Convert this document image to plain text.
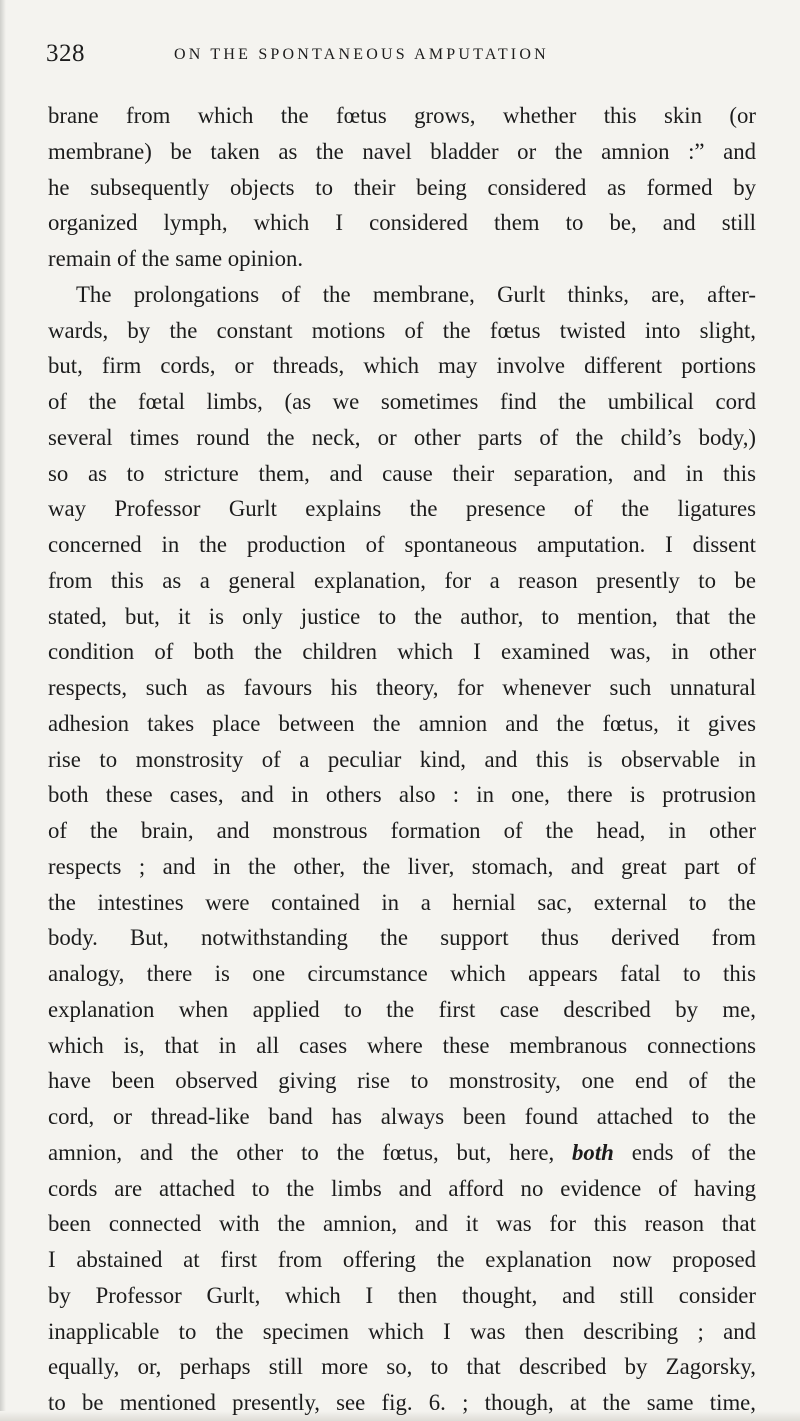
328	ON THE SPONTANEOUS AMPUTATION
brane from which the fœtus grows, whether this skin (or
membrane) be taken as the navel bladder or the amnion :” and
he subsequently objects to their being considered as formed by
organized lymph, which I considered them to be, and still
remain of the same opinion.
The prolongations of the membrane, Gurlt thinks, are, after-
wards, by the constant motions of the fœtus twisted into slight,
but, firm cords, or threads, which may involve different portions
of the fœtal limbs, (as we sometimes find the umbilical cord
several times round the neck, or other parts of the child’s body,)
so as to stricture them, and cause their separation, and in this
way Professor Gurlt explains the presence of the ligatures
concerned in the production of spontaneous amputation. I dissent
from this as a general explanation, for a reason presently to be
stated, but, it is only justice to the author, to mention, that the
condition of both the children which I examined was, in other
respects, such as favours his theory, for whenever such unnatural
adhesion takes place between the amnion and the fœtus, it gives
rise to monstrosity of a peculiar kind, and this is observable in
both these cases, and in others also : in one, there is protrusion
of the brain, and monstrous formation of the head, in other
respects ; and in the other, the liver, stomach, and great part of
the intestines were contained in a hernial sac, external to the
body. But, notwithstanding the support thus derived from
analogy, there is one circumstance which appears fatal to this
explanation when applied to the first case described by me,
which is, that in all cases where these membranous connections
have been observed giving rise to monstrosity, one end of the
cord, or thread-like band has always been found attached to the
amnion, and the other to the fœtus, but, here, both ends of the
cords are attached to the limbs and afford no evidence of having
been connected with the amnion, and it was for this reason that
I abstained at first from offering the explanation now proposed
by Professor Gurlt, which I then thought, and still consider
inapplicable to the specimen which I was then describing ; and
equally, or, perhaps still more so, to that described by Zagorsky,
to be mentioned presently, see fig. 6. ; though, at the same time,
